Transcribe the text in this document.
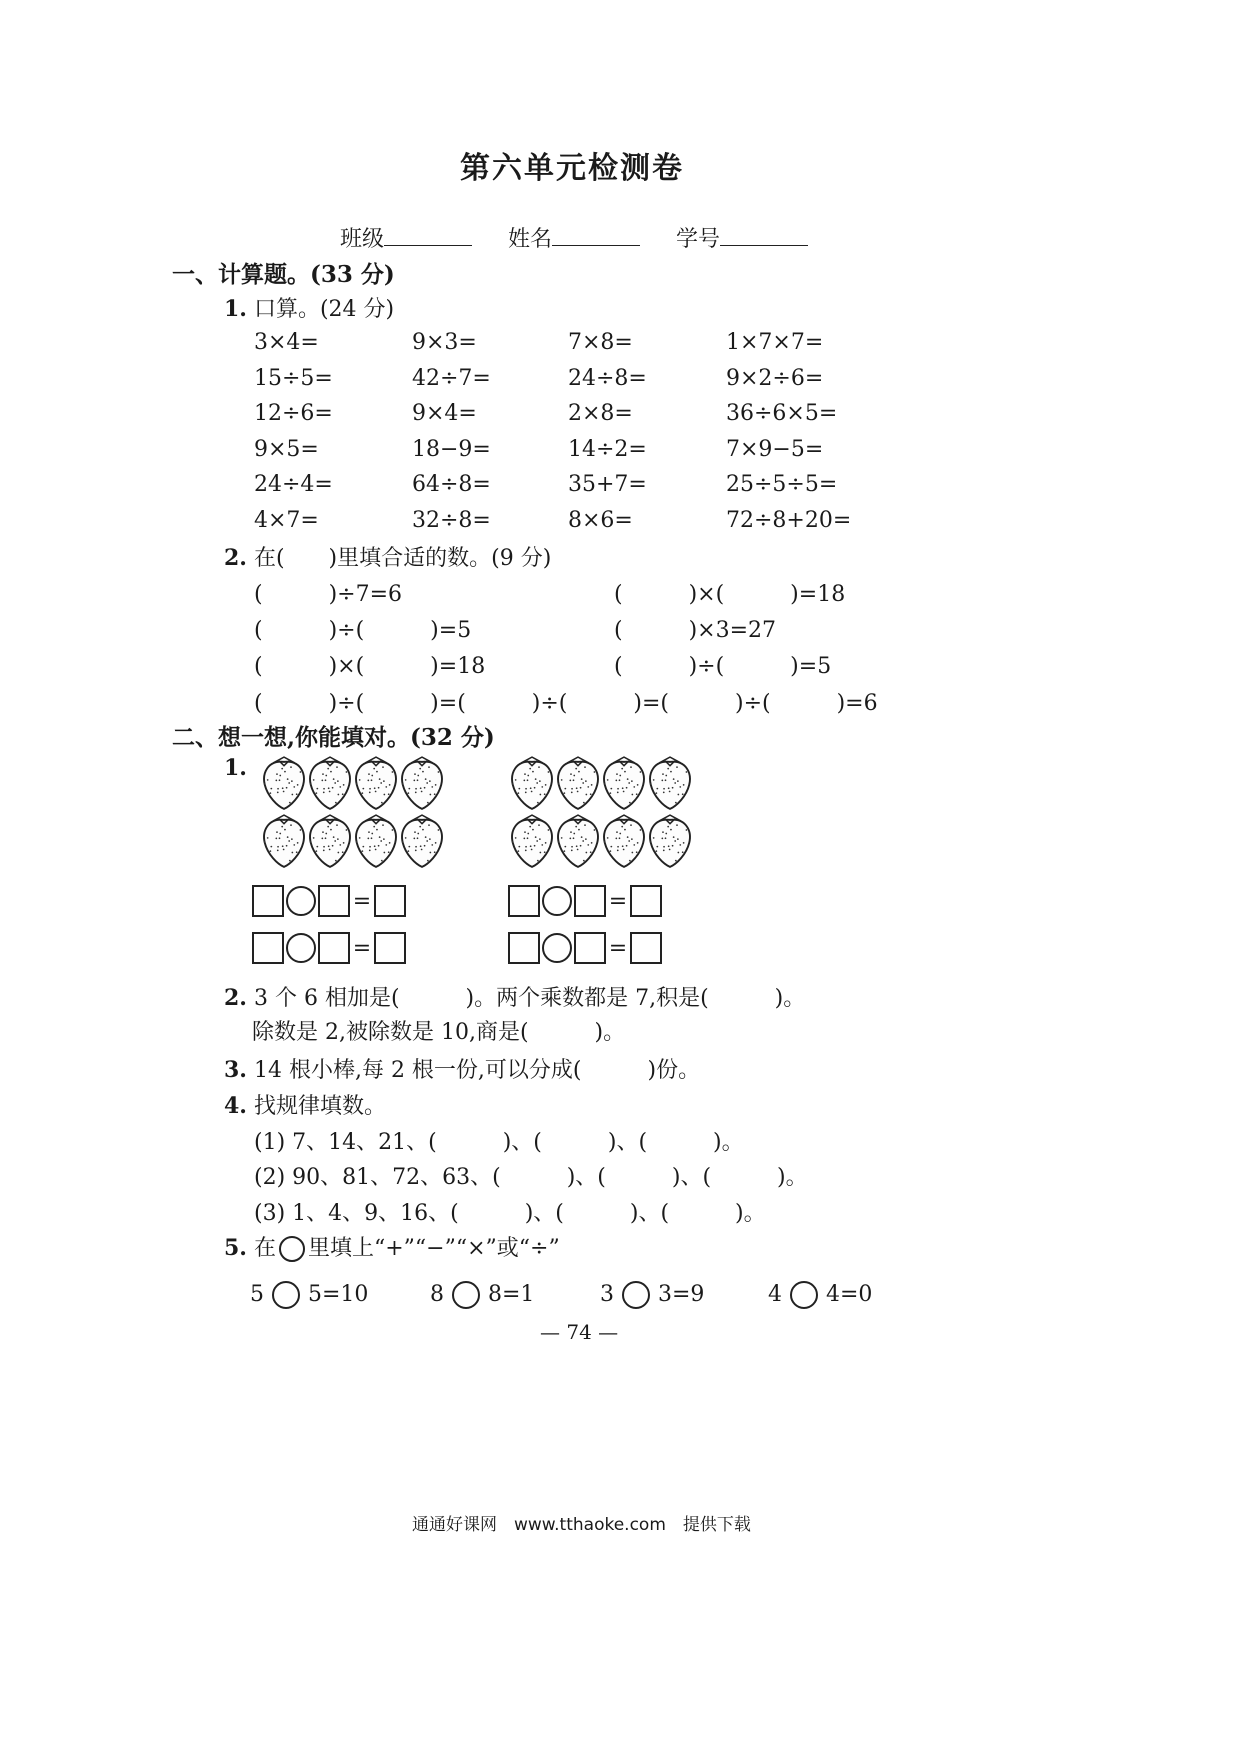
第六单元检测卷
班级	姓名	学号
一、计算题。(33 分)
1. 口算。(24 分)
3×4=	9×3=	7×8=	1×7×7=
15÷5=	42÷7=	24÷8=	9×2÷6=
12÷6=	9×4=	2×8=	36÷6×5=
9×5=	18−9=	14÷2=	7×9−5=
24÷4=	64÷8=	35+7=	25÷5÷5=
4×7=	32÷8=	8×6=	72÷8+20=
2. 在(　　)里填合适的数。(9 分)
(　　　)÷7=6	(　　　)×(　　　)=18
(　　　)÷(　　　)=5	(　　　)×3=27
(　　　)×(　　　)=18	(　　　)÷(　　　)=5
(　　　)÷(　　　)=(　　　)÷(　　　)=(　　　)÷(　　　)=6
二、想一想,你能填对。(32 分)
1.
=
=
=
=
2. 3 个 6 相加是(　　　)。两个乘数都是 7,积是(　　　)。
除数是 2,被除数是 10,商是(　　　)。
3. 14 根小棒,每 2 根一份,可以分成(　　　)份。
4. 找规律填数。
(1) 7、14、21、(　　　)、(　　　)、(　　　)。
(2) 90、81、72、63、(　　　)、(　　　)、(　　　)。
(3) 1、4、9、16、(　　　)、(　　　)、(　　　)。
5. 在 里填上“+”“−”“×”或“÷”
5 5=10	8 8=1	3 3=9	4 4=0
— 74 —
通通好课网　www.tthaoke.com　提供下载
